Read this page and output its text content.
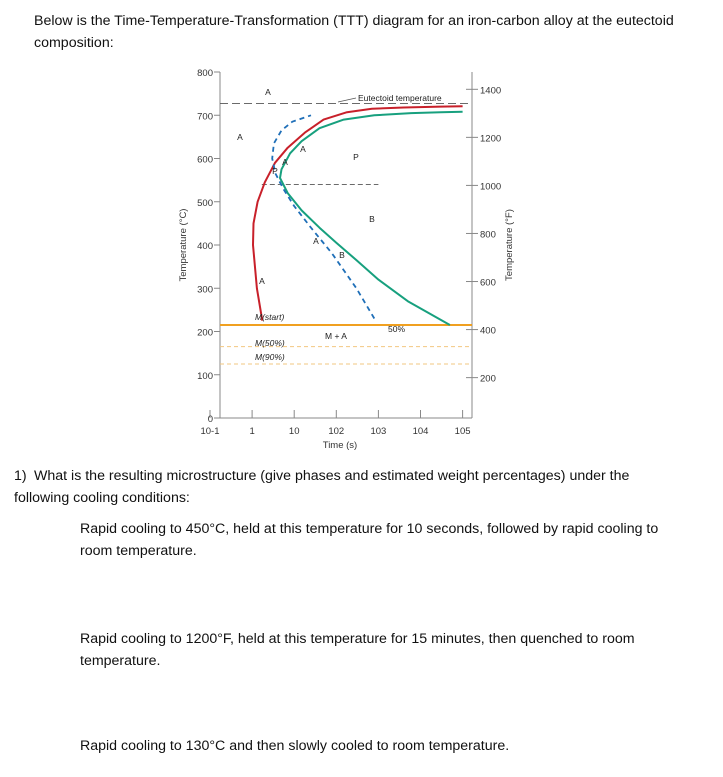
Below is the Time-Temperature-Transformation (TTT) diagram for an iron-carbon alloy at the eutectoid composition:

0
100
200
300
400
500
600
700
800
200
400
600
800
1000
1200
1400
10-1	1	10	102	103	104	105
Time (s)
Temperature (°C)	Temperature (°F)
A
A
A
A
A
A
P
B
P
B
Eutectoid temperature
M(start)
M(50%)
M(90%)
M + A
50%

1) What is the resulting microstructure (give phases and estimated weight percentages) under the following cooling conditions:

Rapid cooling to 450°C, held at this temperature for 10 seconds, followed by rapid cooling to room temperature.

Rapid cooling to 1200°F, held at this temperature for 15 minutes, then quenched to room temperature.

Rapid cooling to 130°C and then slowly cooled to room temperature.
